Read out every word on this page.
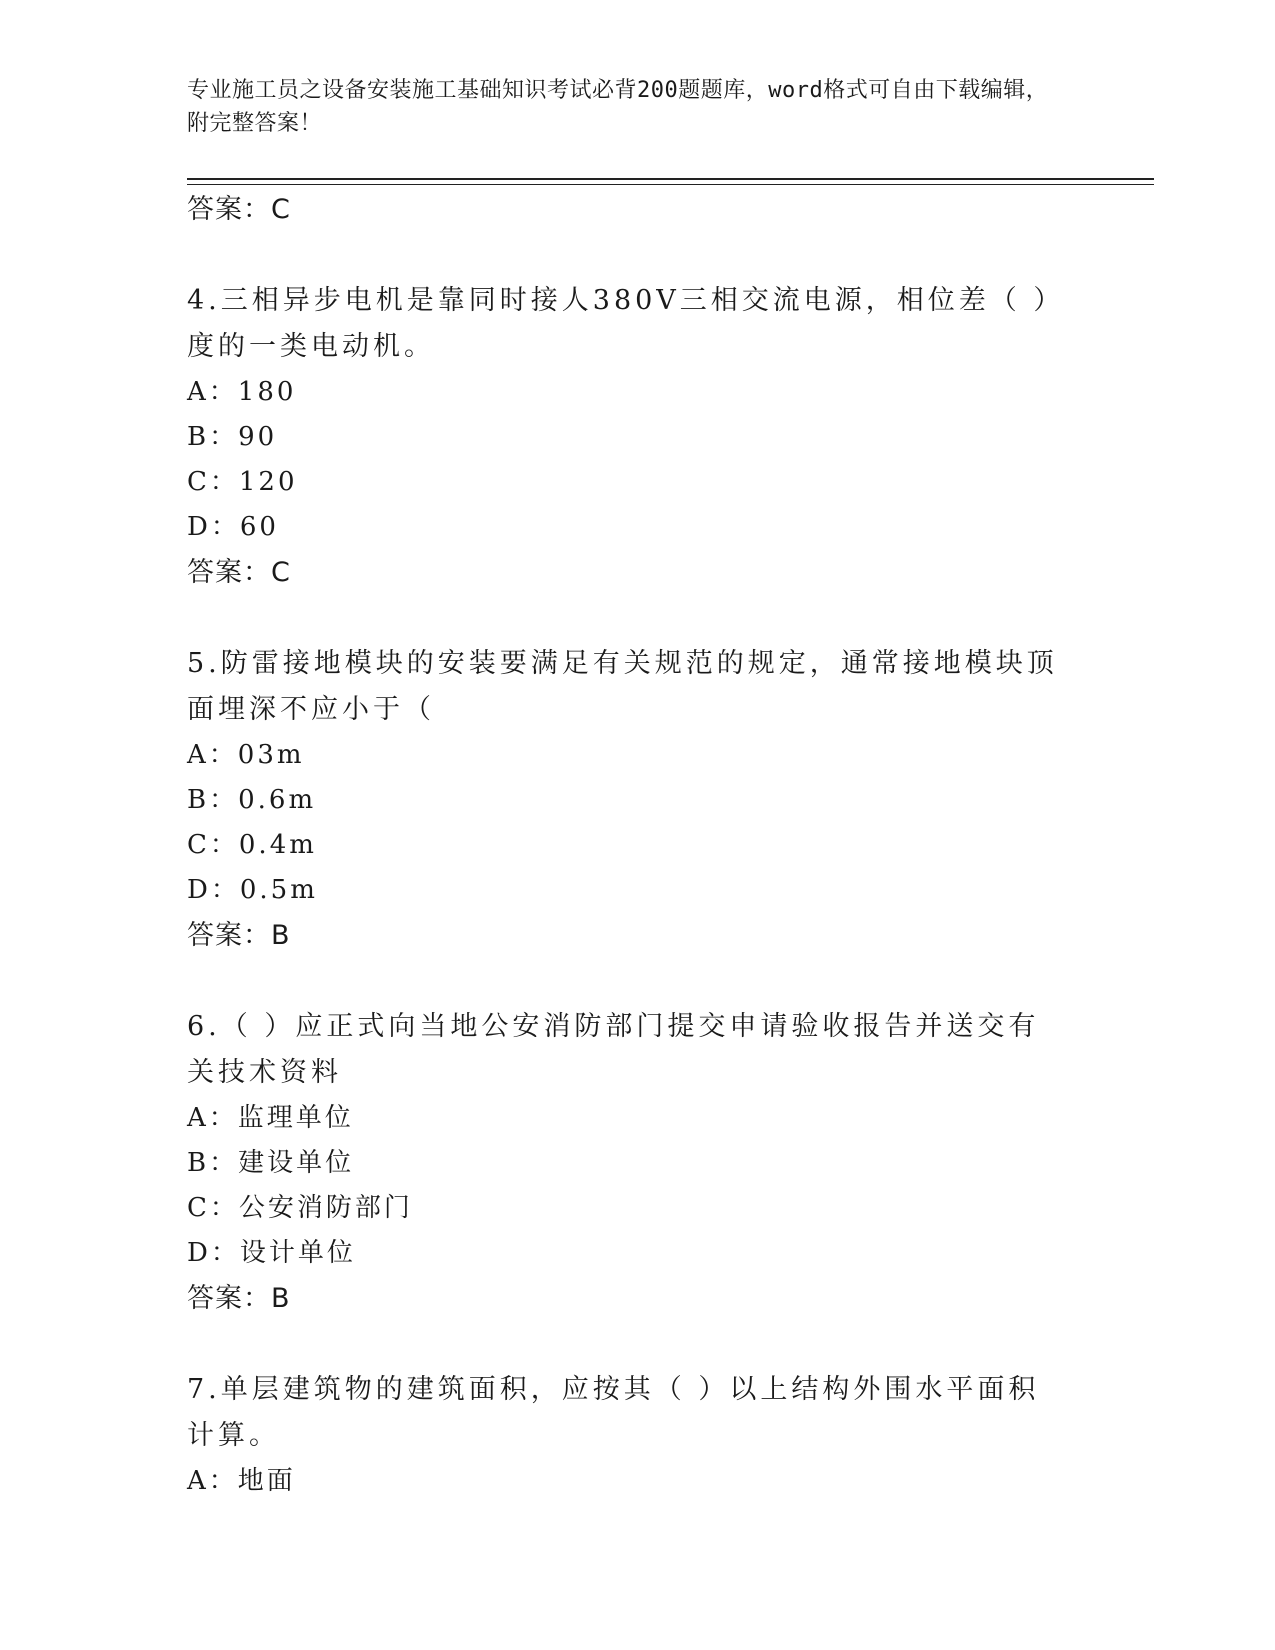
专业施工员之设备安装施工基础知识考试必背200题题库，word格式可自由下载编辑，附完整答案！
答案：C
4.三相异步电机是靠同时接人380V三相交流电源，相位差（ ）度的一类电动机。
A：180
B：90
C：120
D：60
答案：C
5.防雷接地模块的安装要满足有关规范的规定，通常接地模块顶面埋深不应小于（
A：03m
B：0.6m
C：0.4m
D：0.5m
答案：B
6.（ ）应正式向当地公安消防部门提交申请验收报告并送交有关技术资料
A：监理单位
B：建设单位
C：公安消防部门
D：设计单位
答案：B
7.单层建筑物的建筑面积，应按其（ ）以上结构外围水平面积计算。
A：地面
